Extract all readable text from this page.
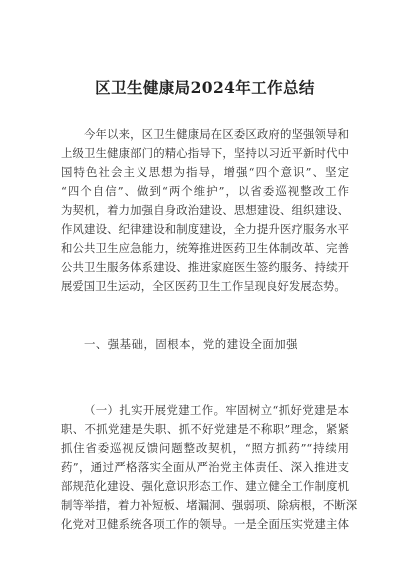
区卫生健康局2024年工作总结
今年以来，区卫生健康局在区委区政府的坚强领导和
上级卫生健康部门的精心指导下，坚持以习近平新时代中
国特色社会主义思想为指导，增强“四个意识”、坚定
“四个自信”、做到“两个维护”，以省委巡视整改工作
为契机，着力加强自身政治建设、思想建设、组织建设、
作风建设、纪律建设和制度建设，全力提升医疗服务水平
和公共卫生应急能力，统筹推进医药卫生体制改革、完善
公共卫生服务体系建设、推进家庭医生签约服务、持续开
展爱国卫生运动，全区医药卫生工作呈现良好发展态势。
一、强基础，固根本，党的建设全面加强
（一）扎实开展党建工作。牢固树立“抓好党建是本
职、不抓党建是失职、抓不好党建是不称职”理念，紧紧
抓住省委巡视反馈问题整改契机，“照方抓药”“持续用
药”，通过严格落实全面从严治党主体责任、深入推进支
部规范化建设、强化意识形态工作、建立健全工作制度机
制等举措，着力补短板、堵漏洞、强弱项、除病根，不断深
化党对卫健系统各项工作的领导。一是全面压实党建主体
